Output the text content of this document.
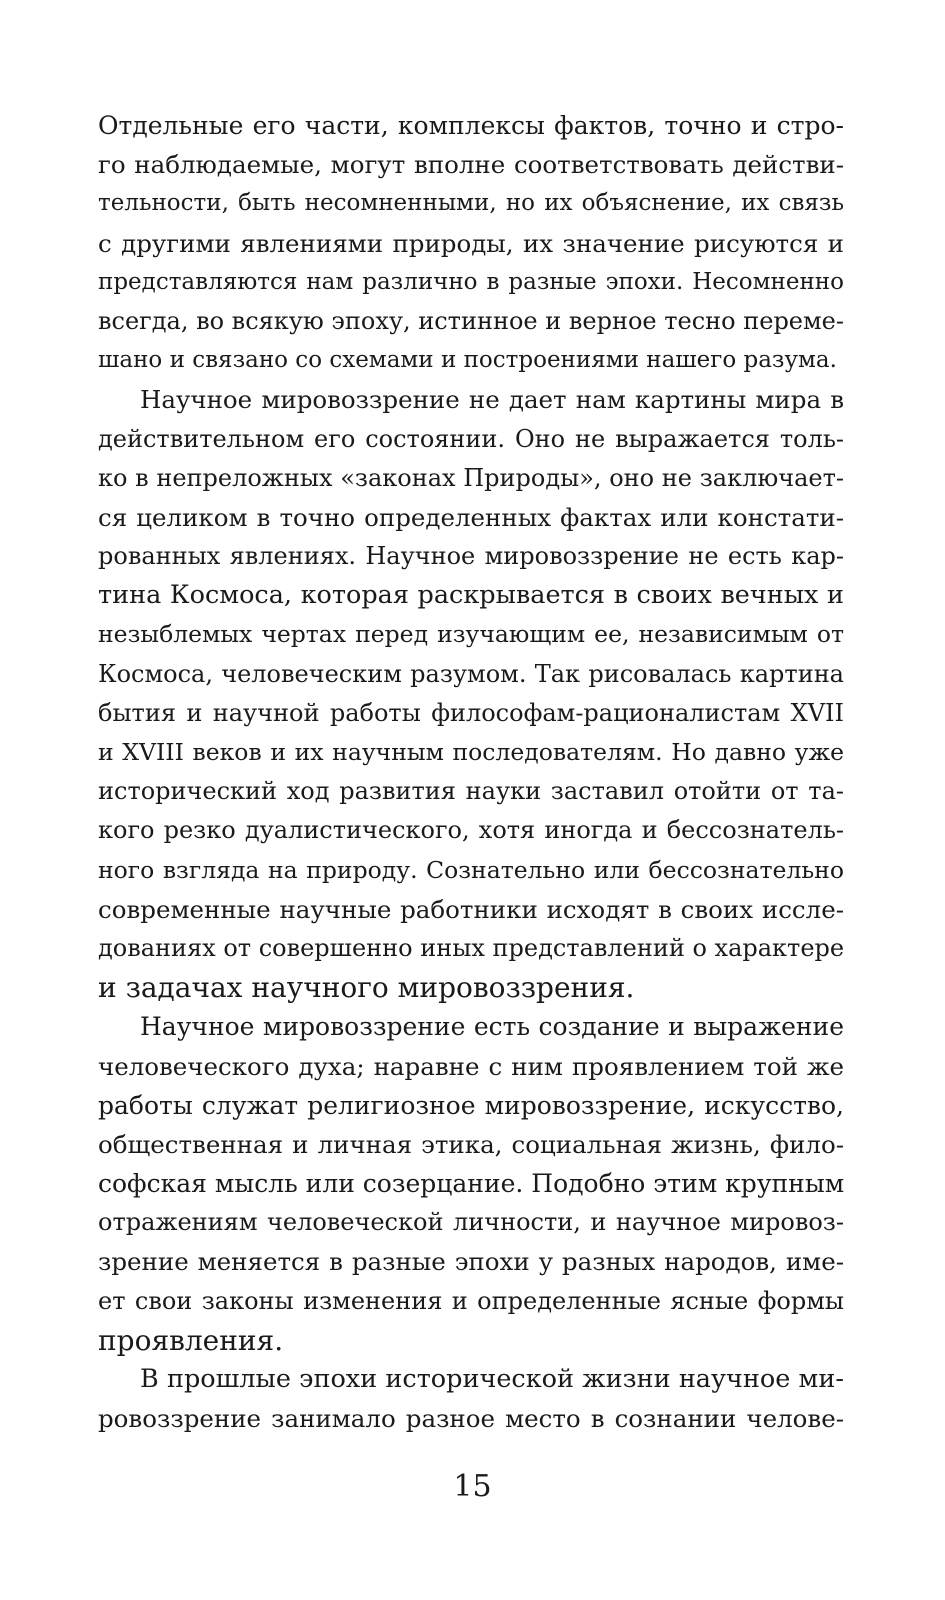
Отдельные его части, комплексы фактов, точно и стро-
го наблюдаемые, могут вполне соответствовать действи-
тельности, быть несомненными, но их объяснение, их связь
с другими явлениями природы, их значение рисуются и
представляются нам различно в разные эпохи. Несомненно
всегда, во всякую эпоху, истинное и верное тесно переме-
шано и связано со схемами и построениями нашего разума.
Научное мировоззрение не дает нам картины мира в
действительном его состоянии. Оно не выражается толь-
ко в непреложных «законах Природы», оно не заключает-
ся целиком в точно определенных фактах или констати-
рованных явлениях. Научное мировоззрение не есть кар-
тина Космоса, которая раскрывается в своих вечных и
незыблемых чертах перед изучающим ее, независимым от
Космоса, человеческим разумом. Так рисовалась картина
бытия и научной работы философам-рационалистам XVII
и XVIII веков и их научным последователям. Но давно уже
исторический ход развития науки заставил отойти от та-
кого резко дуалистического, хотя иногда и бессознатель-
ного взгляда на природу. Сознательно или бессознательно
современные научные работники исходят в своих иссле-
дованиях от совершенно иных представлений о характере
и задачах научного мировоззрения.
Научное мировоззрение есть создание и выражение
человеческого духа; наравне с ним проявлением той же
работы служат религиозное мировоззрение, искусство,
общественная и личная этика, социальная жизнь, фило-
софская мысль или созерцание. Подобно этим крупным
отражениям человеческой личности, и научное мировоз-
зрение меняется в разные эпохи у разных народов, име-
ет свои законы изменения и определенные ясные формы
проявления.
В прошлые эпохи исторической жизни научное ми-
ровоззрение занимало разное место в сознании челове-
15
